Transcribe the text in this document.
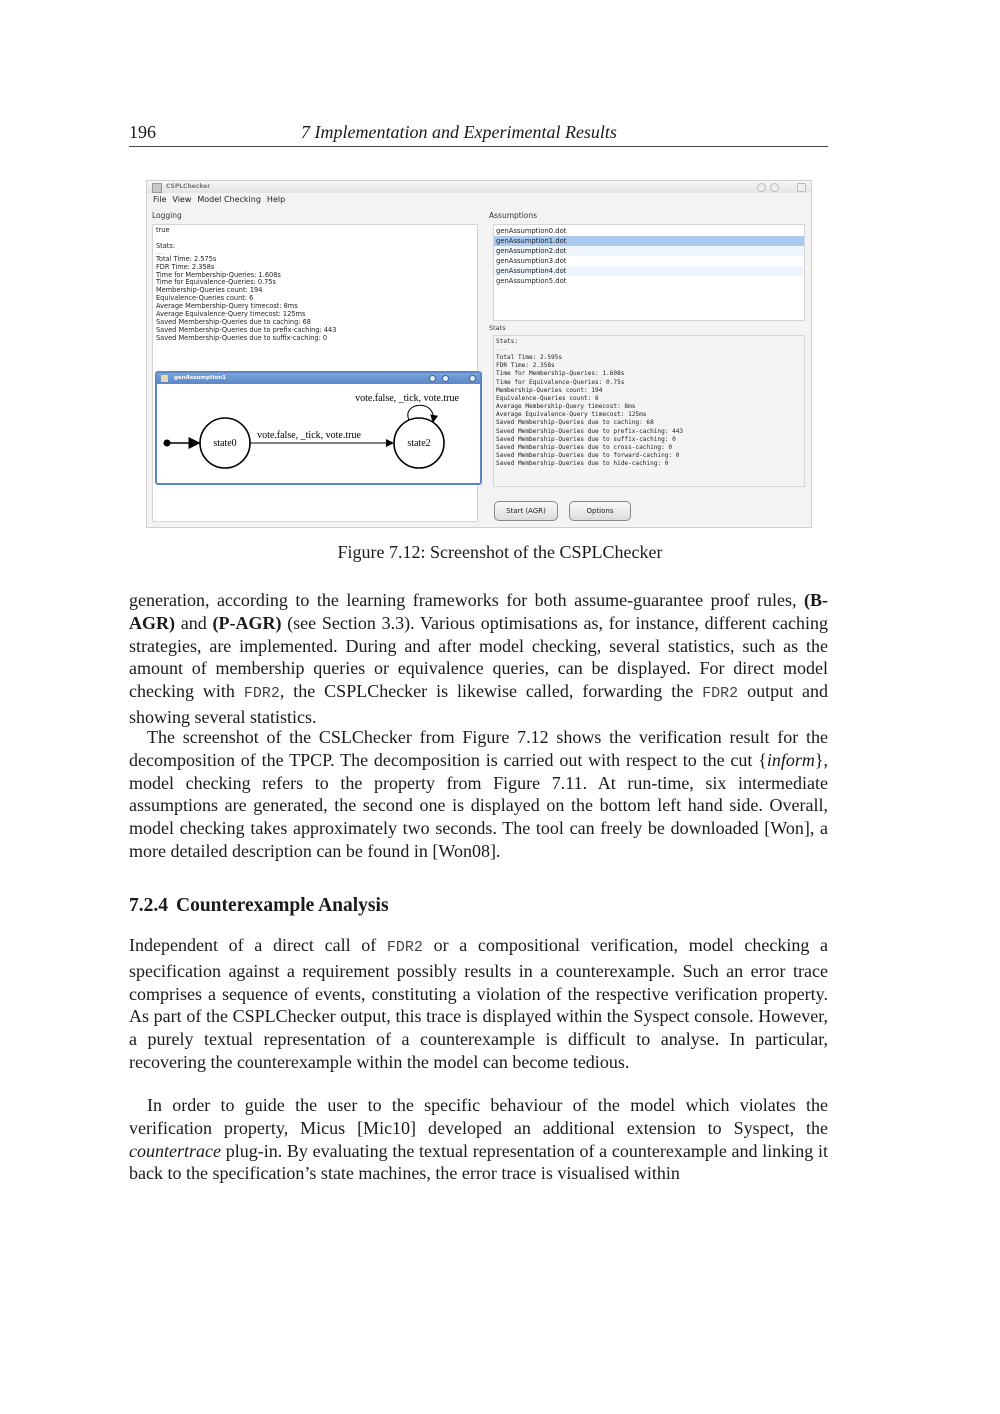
196	7 Implementation and Experimental Results
CSPLChecker
File View Model Checking Help
Logging
true

Stats:
-----
Total Time: 2.575s
FDR Time: 2.358s
Time for Membership-Queries: 1.608s
Time for Equivalence-Queries: 0.75s
Membership-Queries count: 194
Equivalence-Queries count: 6
Average Membership-Query timecost: 8ms
Average Equivalence-Query timecost: 125ms
Saved Membership-Queries due to caching: 68
Saved Membership-Queries due to prefix-caching: 443
Saved Membership-Queries due to suffix-caching: 0
genAssumption1
state0
vote.false, _tick, vote.true
state2
vote.false, _tick, vote.true
Assumptions
genAssumption0.dot
genAssumption1.dot
genAssumption2.dot
genAssumption3.dot
genAssumption4.dot
genAssumption5.dot
Stats
Stats:
-----
Total Time: 2.595s
FDR Time: 2.358s
Time for Membership-Queries: 1.608s
Time for Equivalence-Queries: 0.75s
Membership-Queries count: 194
Equivalence-Queries count: 6
Average Membership-Query timecost: 8ms
Average Equivalence-Query timecost: 125ms
Saved Membership-Queries due to caching: 68
Saved Membership-Queries due to prefix-caching: 443
Saved Membership-Queries due to suffix-caching: 0
Saved Membership-Queries due to cross-caching: 0
Saved Membership-Queries due to forward-caching: 0
Saved Membership-Queries due to hide-caching: 0
Start (AGR)	Options
Figure 7.12: Screenshot of the CSPLChecker
generation, according to the learning frameworks for both assume-guarantee proof rules, (B-AGR) and (P-AGR) (see Section 3.3). Various optimisations as, for instance, different caching strategies, are implemented. During and after model checking, several statistics, such as the amount of membership queries or equivalence queries, can be displayed. For direct model checking with FDR2, the CSPLChecker is likewise called, forwarding the FDR2 output and showing several statistics.
The screenshot of the CSLChecker from Figure 7.12 shows the verification result for the decomposition of the TPCP. The decomposition is carried out with respect to the cut {inform}, model checking refers to the property from Figure 7.11. At run-time, six intermediate assumptions are generated, the second one is displayed on the bottom left hand side. Overall, model checking takes approximately two seconds. The tool can freely be downloaded [Won], a more detailed description can be found in [Won08].
7.2.4 Counterexample Analysis
Independent of a direct call of FDR2 or a compositional verification, model checking a specification against a requirement possibly results in a counterexample. Such an error trace comprises a sequence of events, constituting a violation of the respective verification property. As part of the CSPLChecker output, this trace is displayed within the Syspect console. However, a purely textual representation of a counterexample is difficult to analyse. In particular, recovering the counterexample within the model can become tedious.
In order to guide the user to the specific behaviour of the model which violates the verification property, Micus [Mic10] developed an additional extension to Syspect, the countertrace plug-in. By evaluating the textual representation of a counterexample and linking it back to the specification’s state machines, the error trace is visualised within
